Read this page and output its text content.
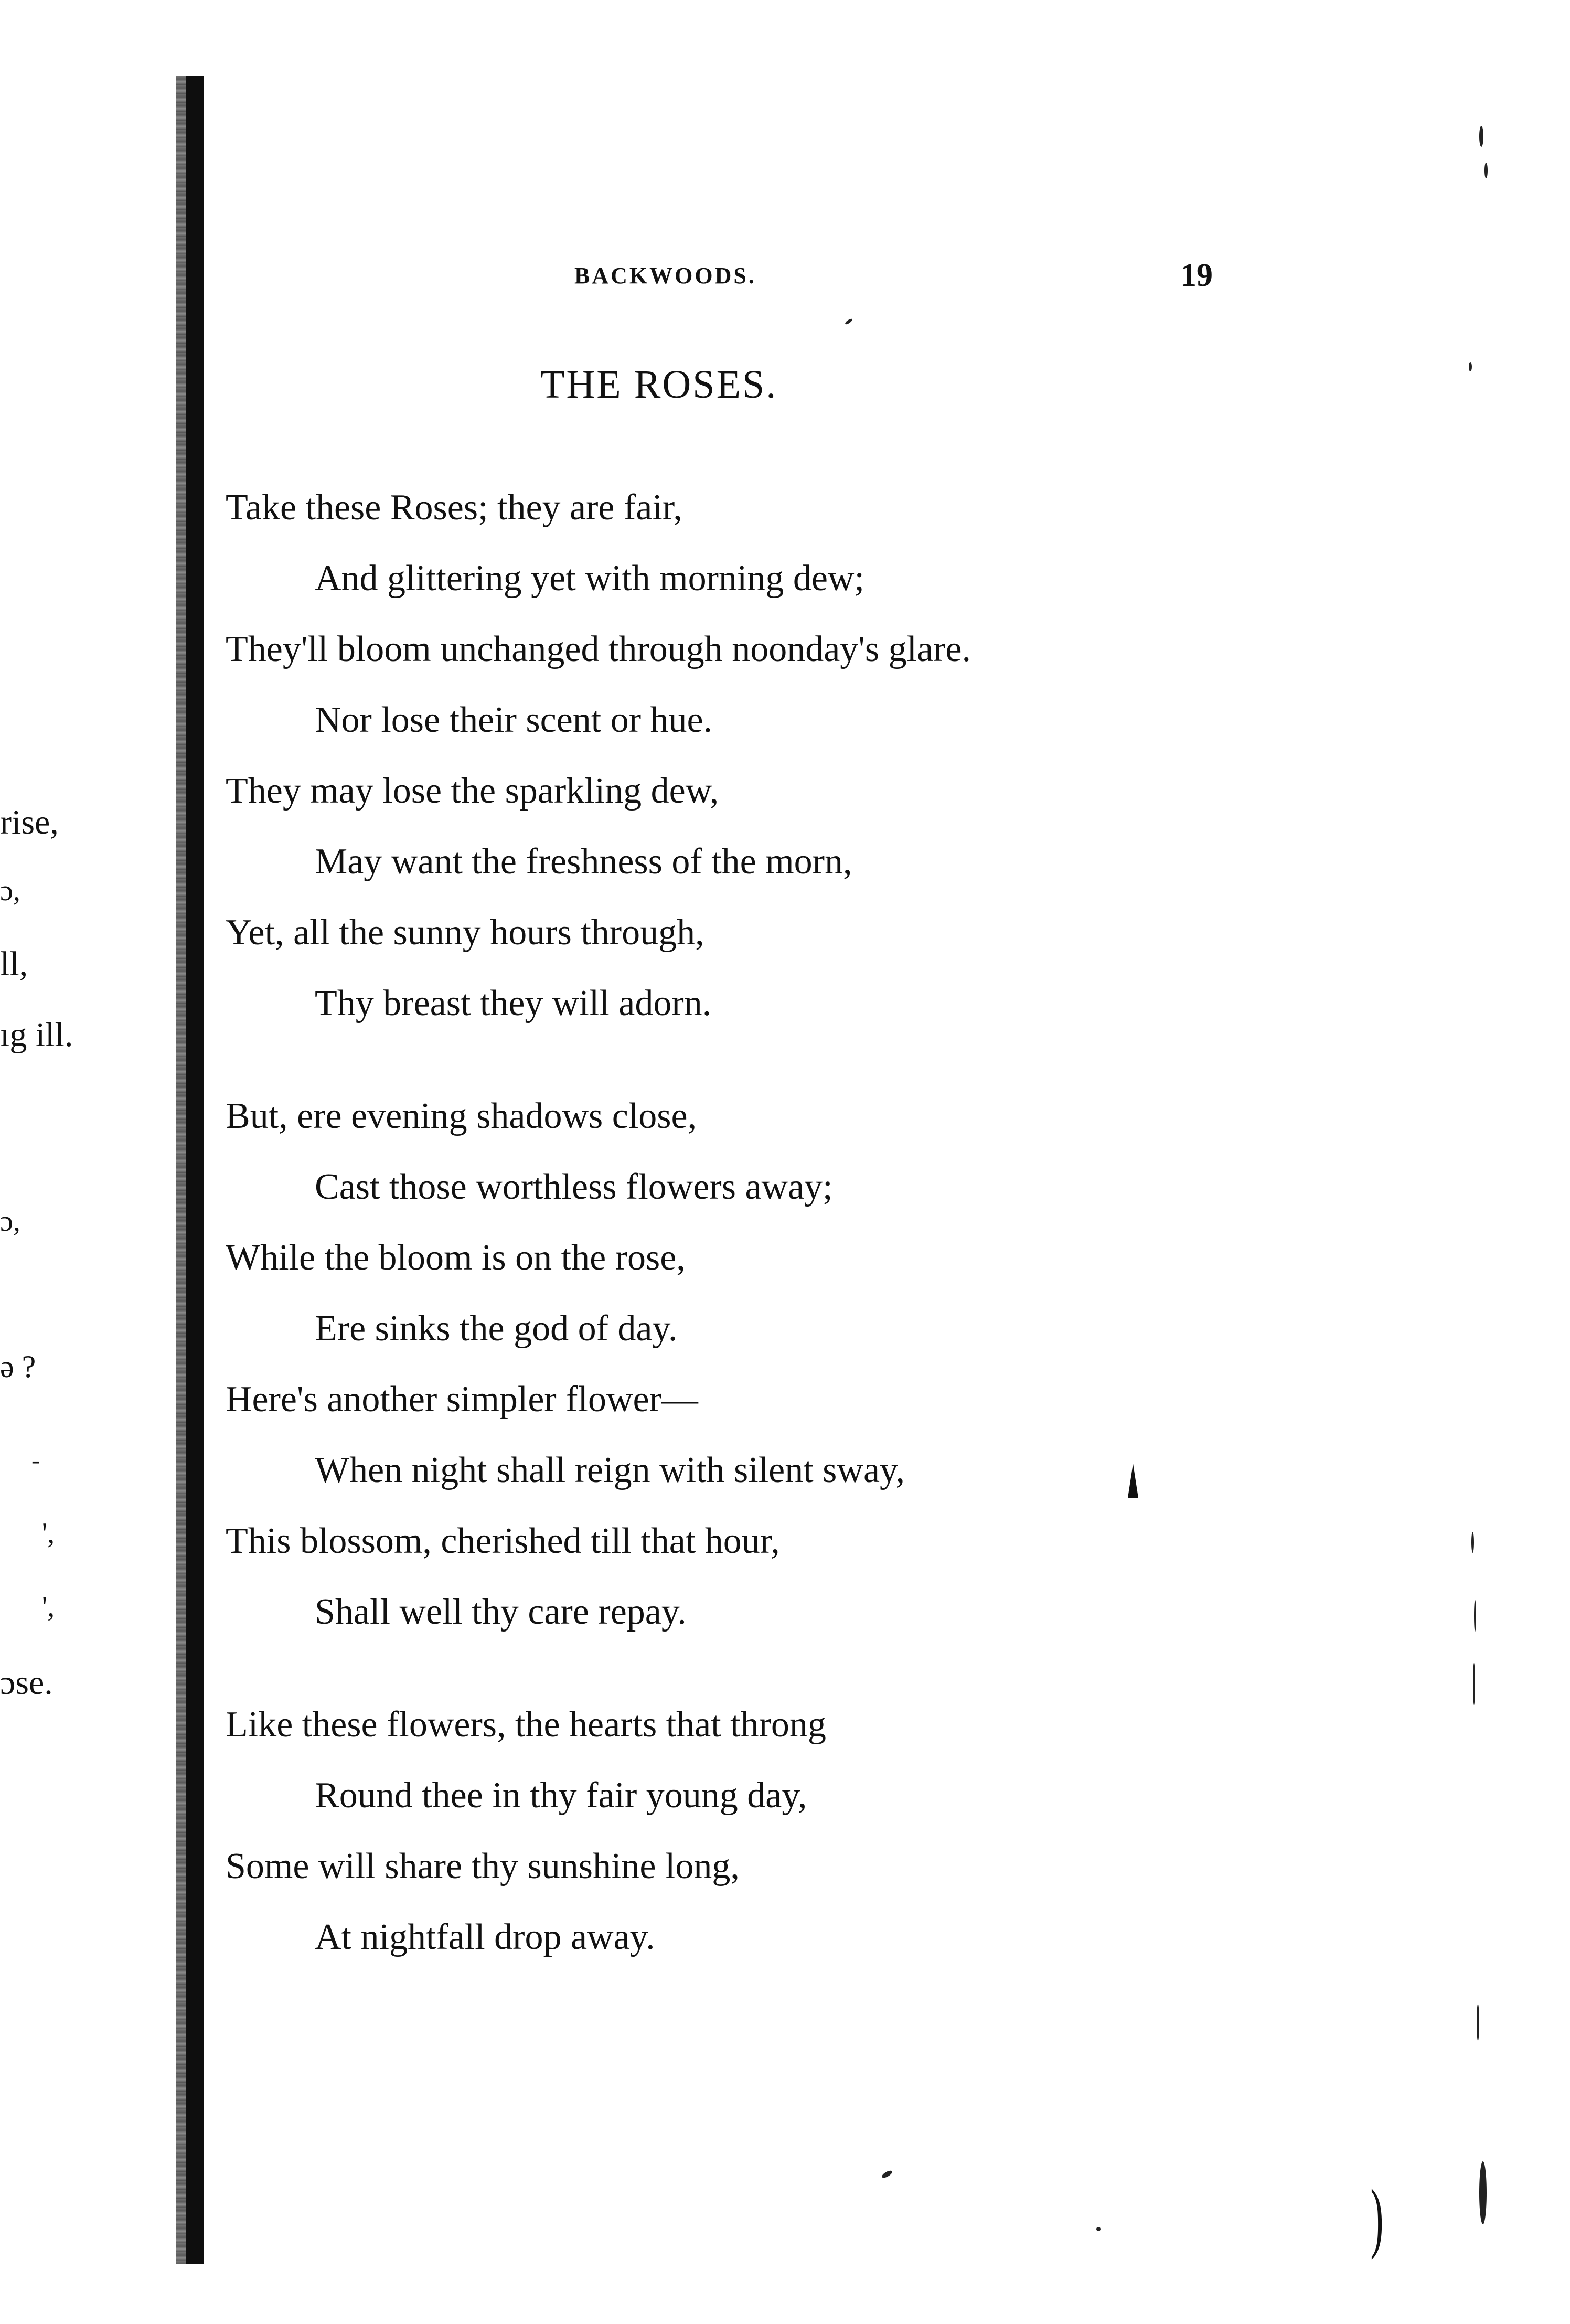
rise,
ɔ,
ll,
ıg ill.
ɔ,
ə ?
-
',
',
ɔse.
BACKWOODS.	19
THE ROSES.
Take these Roses; they are fair,
And glittering yet with morning dew;
They'll bloom unchanged through noonday's glare.
Nor lose their scent or hue.
They may lose the sparkling dew,
May want the freshness of the morn,
Yet, all the sunny hours through,
Thy breast they will adorn.
But, ere evening shadows close,
Cast those worthless flowers away;
While the bloom is on the rose,
Ere sinks the god of day.
Here's another simpler flower—
When night shall reign with silent sway,
This blossom, cherished till that hour,
Shall well thy care repay.
Like these flowers, the hearts that throng
Round thee in thy fair young day,
Some will share thy sunshine long,
At nightfall drop away.
)
